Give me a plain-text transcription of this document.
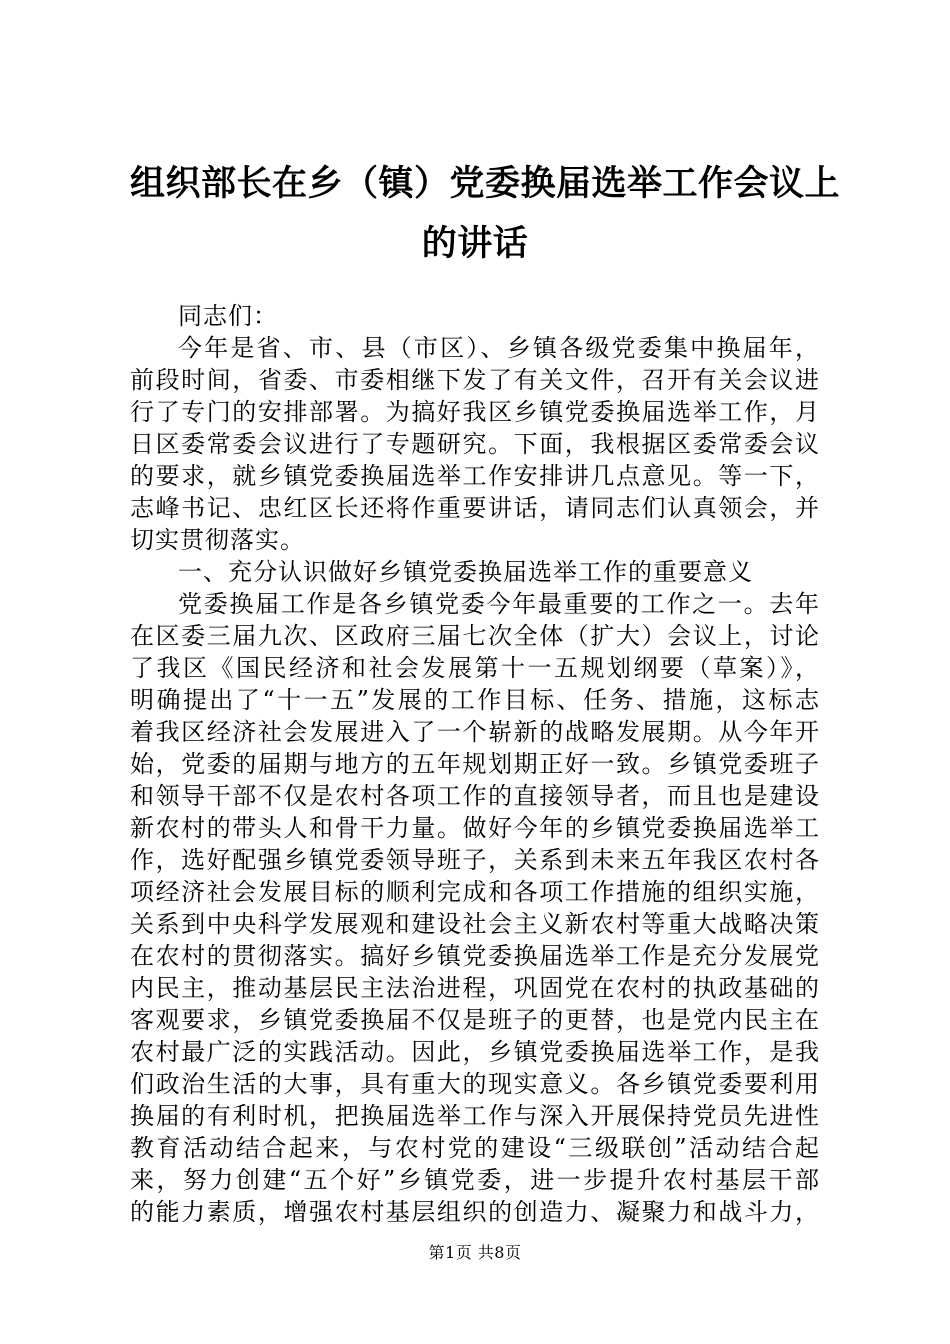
组织部长在乡（镇）党委换届选举工作会议上
的讲话
同志们：
今年是省、市、县（市区）、乡镇各级党委集中换届年，
前段时间，省委、市委相继下发了有关文件，召开有关会议进
行了专门的安排部署。为搞好我区乡镇党委换届选举工作，月
日区委常委会议进行了专题研究。下面，我根据区委常委会议
的要求，就乡镇党委换届选举工作安排讲几点意见。等一下，
志峰书记、忠红区长还将作重要讲话，请同志们认真领会，并
切实贯彻落实。
一、充分认识做好乡镇党委换届选举工作的重要意义
党委换届工作是各乡镇党委今年最重要的工作之一。去年
在区委三届九次、区政府三届七次全体（扩大）会议上，讨论
了我区《国民经济和社会发展第十一五规划纲要（草案）》，
明确提出了“十一五”发展的工作目标、任务、措施，这标志
着我区经济社会发展进入了一个崭新的战略发展期。从今年开
始，党委的届期与地方的五年规划期正好一致。乡镇党委班子
和领导干部不仅是农村各项工作的直接领导者，而且也是建设
新农村的带头人和骨干力量。做好今年的乡镇党委换届选举工
作，选好配强乡镇党委领导班子，关系到未来五年我区农村各
项经济社会发展目标的顺利完成和各项工作措施的组织实施，
关系到中央科学发展观和建设社会主义新农村等重大战略决策
在农村的贯彻落实。搞好乡镇党委换届选举工作是充分发展党
内民主，推动基层民主法治进程，巩固党在农村的执政基础的
客观要求，乡镇党委换届不仅是班子的更替，也是党内民主在
农村最广泛的实践活动。因此，乡镇党委换届选举工作，是我
们政治生活的大事，具有重大的现实意义。各乡镇党委要利用
换届的有利时机，把换届选举工作与深入开展保持党员先进性
教育活动结合起来，与农村党的建设“三级联创”活动结合起
来，努力创建“五个好”乡镇党委，进一步提升农村基层干部
的能力素质，增强农村基层组织的创造力、凝聚力和战斗力，
第1页 共8页
